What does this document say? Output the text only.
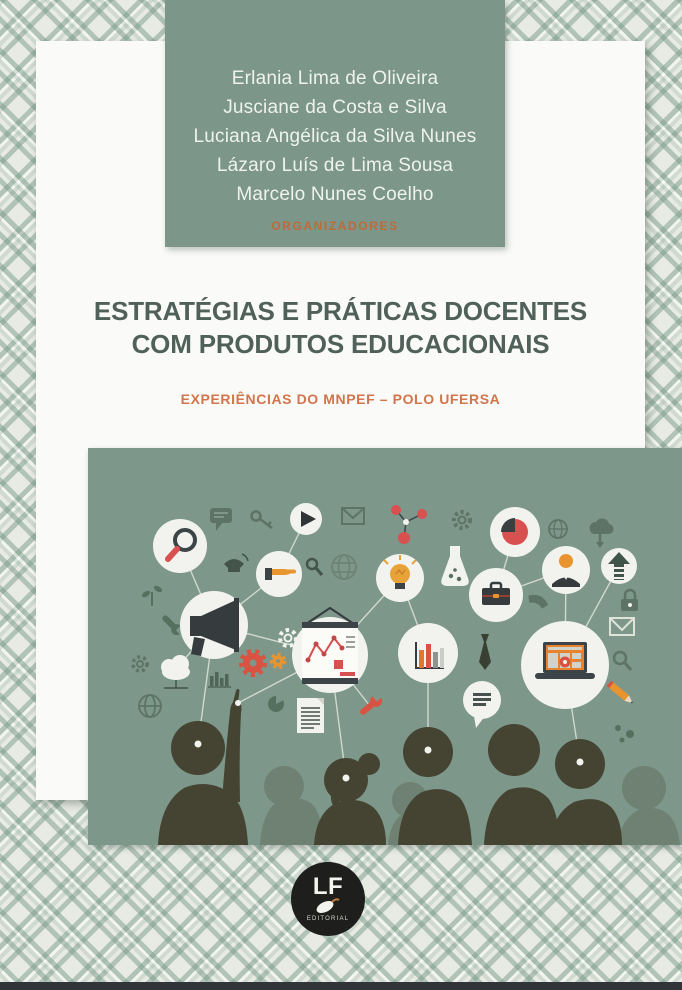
Erlania Lima de Oliveira
Jusciane da Costa e Silva
Luciana Angélica da Silva Nunes
Lázaro Luís de Lima Sousa
Marcelo Nunes Coelho
ORGANIZADORES
ESTRATÉGIAS E PRÁTICAS DOCENTES
COM PRODUTOS EDUCACIONAIS
EXPERIÊNCIAS DO MNPEF – POLO UFERSA
LF
EDITORIAL
